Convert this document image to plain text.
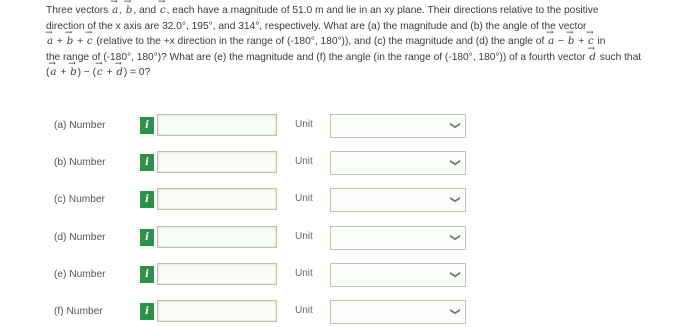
Three vectors → a, → b, and → c, each have a magnitude of 51.0 m and lie in an xy plane. Their directions relative to the positive

direction of the x axis are 32.0°, 195°, and 314°, respectively. What are (a) the magnitude and (b) the angle of the vector

→ a + → b + → c (relative to the +x direction in the range of (-180°, 180°)), and (c) the magnitude and (d) the angle of → a − → b + → c in

the range of (-180°, 180°)? What are (e) the magnitude and (f) the angle (in the range of (-180°, 180°)) of a fourth vector → d such that

(→ a + → b) − (→ c + → d) = 0?

(a) Number	i	Unit	❯
(b) Number	i	Unit	❯
(c) Number	i	Unit	❯
(d) Number	i	Unit	❯
(e) Number	i	Unit	❯
(f) Number	i	Unit	❯
